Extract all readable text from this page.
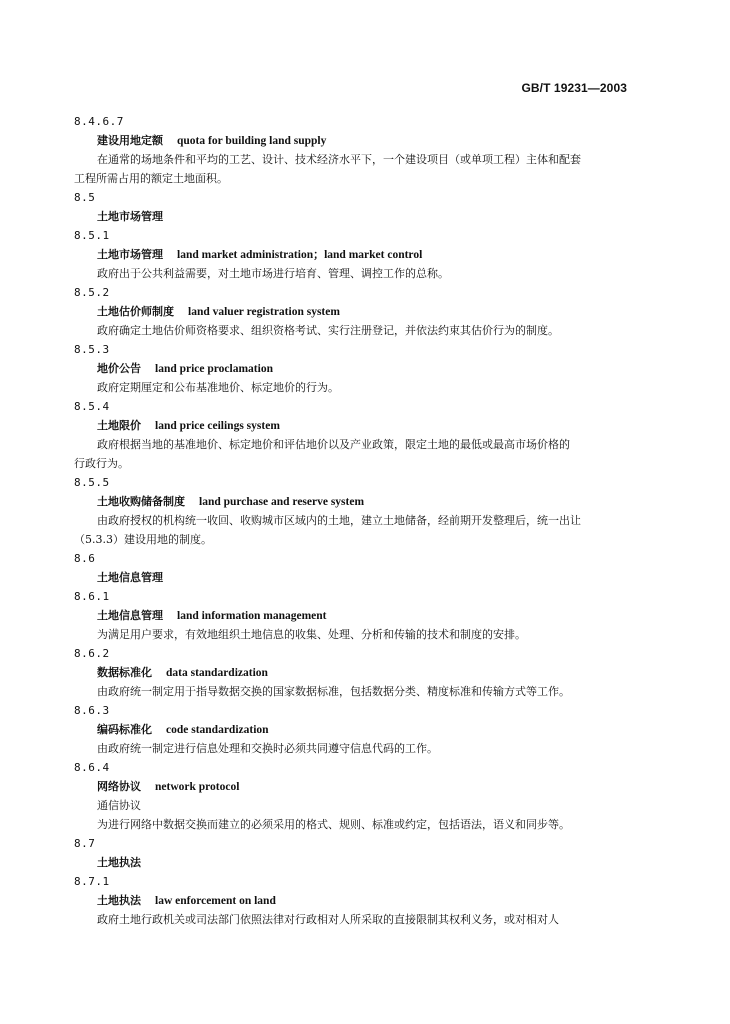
GB/T 19231—2003
8.4.6.7
建设用地定额 quota for building land supply
在通常的场地条件和平均的工艺、设计、技术经济水平下，一个建设项目（或单项工程）主体和配套
工程所需占用的额定土地面积。
8.5
土地市场管理
8.5.1
土地市场管理 land market administration；land market control
政府出于公共利益需要，对土地市场进行培育、管理、调控工作的总称。
8.5.2
土地估价师制度 land valuer registration system
政府确定土地估价师资格要求、组织资格考试、实行注册登记，并依法约束其估价行为的制度。
8.5.3
地价公告 land price proclamation
政府定期厘定和公布基准地价、标定地价的行为。
8.5.4
土地限价 land price ceilings system
政府根据当地的基准地价、标定地价和评估地价以及产业政策，限定土地的最低或最高市场价格的
行政行为。
8.5.5
土地收购储备制度 land purchase and reserve system
由政府授权的机构统一收回、收购城市区域内的土地，建立土地储备，经前期开发整理后，统一出让
（5.3.3）建设用地的制度。
8.6
土地信息管理
8.6.1
土地信息管理 land information management
为满足用户要求，有效地组织土地信息的收集、处理、分析和传输的技术和制度的安排。
8.6.2
数据标准化 data standardization
由政府统一制定用于指导数据交换的国家数据标准，包括数据分类、精度标准和传输方式等工作。
8.6.3
编码标准化 code standardization
由政府统一制定进行信息处理和交换时必须共同遵守信息代码的工作。
8.6.4
网络协议 network protocol
通信协议
为进行网络中数据交换而建立的必须采用的格式、规则、标准或约定，包括语法，语义和同步等。
8.7
土地执法
8.7.1
土地执法 law enforcement on land
政府土地行政机关或司法部门依照法律对行政相对人所采取的直接限制其权利义务，或对相对人
